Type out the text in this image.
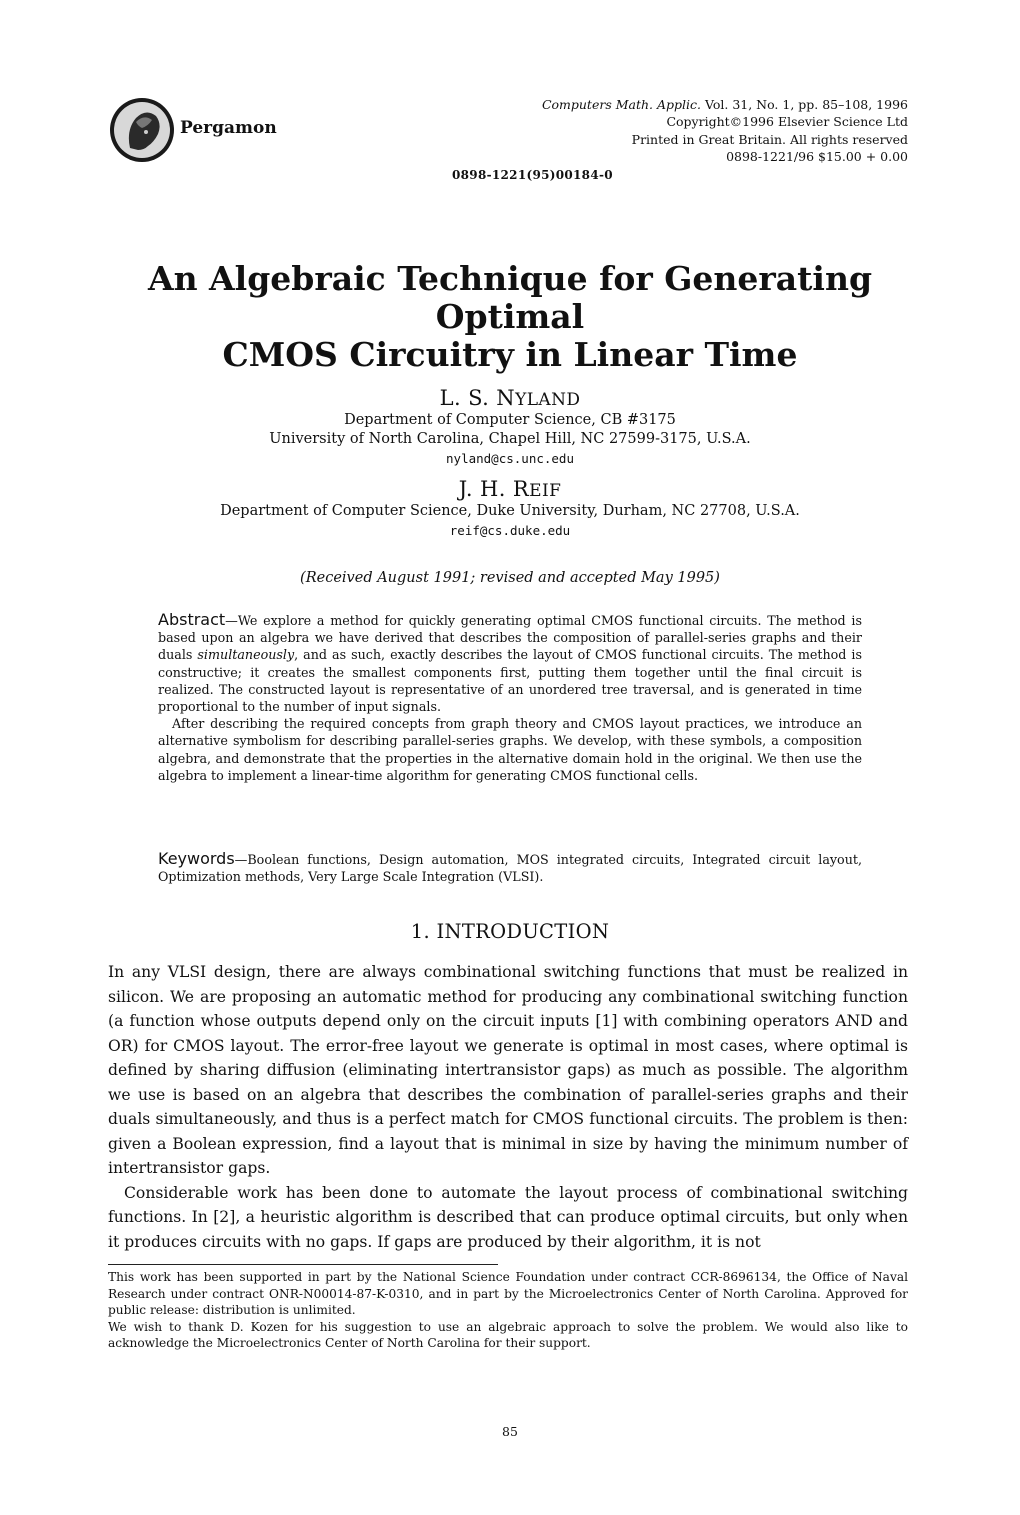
Pergamon
Computers Math. Applic. Vol. 31, No. 1, pp. 85–108, 1996
Copyright©1996 Elsevier Science Ltd
Printed in Great Britain. All rights reserved
0898-1221/96 $15.00 + 0.00
0898-1221(95)00184-0
An Algebraic Technique for Generating Optimal
CMOS Circuitry in Linear Time
L. S. NYLAND
Department of Computer Science, CB #3175
University of North Carolina, Chapel Hill, NC 27599-3175, U.S.A.
nyland@cs.unc.edu
J. H. REIF
Department of Computer Science, Duke University, Durham, NC 27708, U.S.A.
reif@cs.duke.edu
(Received August 1991; revised and accepted May 1995)

Abstract—We explore a method for quickly generating optimal CMOS functional circuits. The method is based upon an algebra we have derived that describes the composition of parallel-series graphs and their duals simultaneously, and as such, exactly describes the layout of CMOS functional circuits. The method is constructive; it creates the smallest components first, putting them together until the final circuit is realized. The constructed layout is representative of an unordered tree traversal, and is generated in time proportional to the number of input signals.

After describing the required concepts from graph theory and CMOS layout practices, we introduce an alternative symbolism for describing parallel-series graphs. We develop, with these symbols, a composition algebra, and demonstrate that the properties in the alternative domain hold in the original. We then use the algebra to implement a linear-time algorithm for generating CMOS functional cells.

Keywords—Boolean functions, Design automation, MOS integrated circuits, Integrated circuit layout, Optimization methods, Very Large Scale Integration (VLSI).

1. INTRODUCTION

In any VLSI design, there are always combinational switching functions that must be realized in silicon. We are proposing an automatic method for producing any combinational switching function (a function whose outputs depend only on the circuit inputs [1] with combining operators AND and OR) for CMOS layout. The error-free layout we generate is optimal in most cases, where optimal is defined by sharing diffusion (eliminating intertransistor gaps) as much as possible. The algorithm we use is based on an algebra that describes the combination of parallel-series graphs and their duals simultaneously, and thus is a perfect match for CMOS functional circuits. The problem is then: given a Boolean expression, find a layout that is minimal in size by having the minimum number of intertransistor gaps.

Considerable work has been done to automate the layout process of combinational switching functions. In [2], a heuristic algorithm is described that can produce optimal circuits, but only when it produces circuits with no gaps. If gaps are produced by their algorithm, it is not

This work has been supported in part by the National Science Foundation under contract CCR-8696134, the Office of Naval Research under contract ONR-N00014-87-K-0310, and in part by the Microelectronics Center of North Carolina. Approved for public release: distribution is unlimited.

We wish to thank D. Kozen for his suggestion to use an algebraic approach to solve the problem. We would also like to acknowledge the Microelectronics Center of North Carolina for their support.

85
